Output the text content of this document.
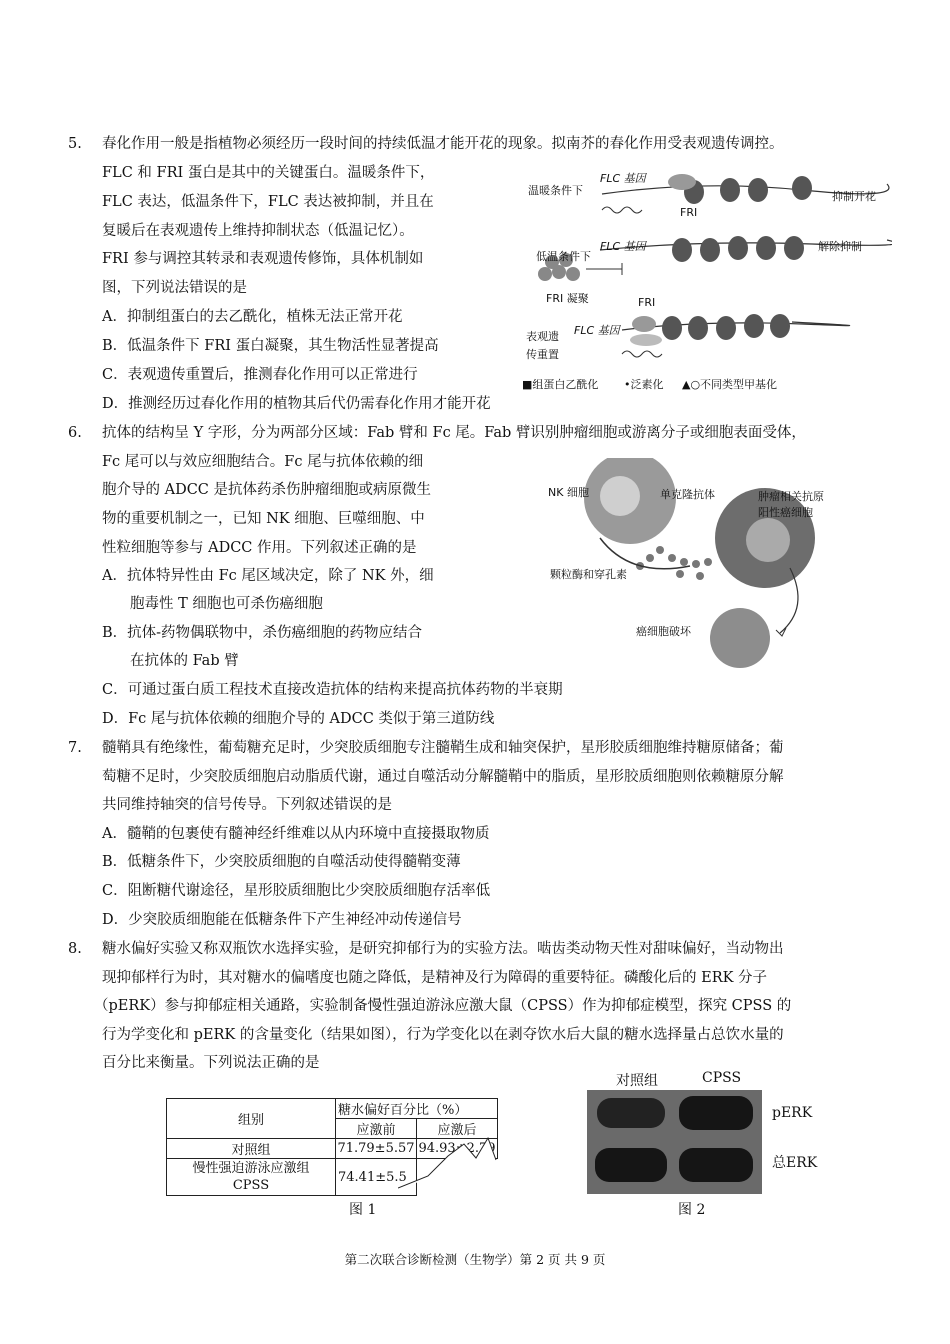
5. 春化作用一般是指植物必须经历一段时间的持续低温才能开花的现象。拟南芥的春化作用受表观遗传调控。
FLC 和 FRI 蛋白是其中的关键蛋白。温暖条件下，
FLC 表达，低温条件下，FLC 表达被抑制，并且在
复暖后在表观遗传上维持抑制状态（低温记忆）。
FRI 参与调控其转录和表观遗传修饰，具体机制如
图，下列说法错误的是
A．抑制组蛋白的去乙酰化，植株无法正常开花
B．低温条件下 FRI 蛋白凝聚，其生物活性显著提高
C．表观遗传重置后，推测春化作用可以正常进行
D．推测经历过春化作用的植物其后代仍需春化作用才能开花
温暖条件下
FLC 基因
FRI
抑制开花
低温条件下
FLC 基因	解除抑制
FRI 凝聚	FRI
表观遗
传重置
FLC 基因
■组蛋白乙酰化 •泛素化 ▲○不同类型甲基化
6. 抗体的结构呈 Y 字形，分为两部分区域：Fab 臂和 Fc 尾。Fab 臂识别肿瘤细胞或游离分子或细胞表面受体，
Fc 尾可以与效应细胞结合。Fc 尾与抗体依赖的细
胞介导的 ADCC 是抗体药杀伤肿瘤细胞或病原微生
物的重要机制之一，已知 NK 细胞、巨噬细胞、中
性粒细胞等参与 ADCC 作用。下列叙述正确的是
A．抗体特异性由 Fc 尾区域决定，除了 NK 外，细
胞毒性 T 细胞也可杀伤癌细胞
B．抗体-药物偶联物中，杀伤癌细胞的药物应结合
在抗体的 Fab 臂
C．可通过蛋白质工程技术直接改造抗体的结构来提高抗体药物的半衰期
D．Fc 尾与抗体依赖的细胞介导的 ADCC 类似于第三道防线
NK 细胞	单克隆抗体	肿瘤相关抗原
阳性癌细胞
颗粒酶和穿孔素
癌细胞破坏
7. 髓鞘具有绝缘性，葡萄糖充足时，少突胶质细胞专注髓鞘生成和轴突保护，星形胶质细胞维持糖原储备；葡
萄糖不足时，少突胶质细胞启动脂质代谢，通过自噬活动分解髓鞘中的脂质，星形胶质细胞则依赖糖原分解
共同维持轴突的信号传导。下列叙述错误的是
A．髓鞘的包裹使有髓神经纤维难以从内环境中直接摄取物质
B．低糖条件下，少突胶质细胞的自噬活动使得髓鞘变薄
C．阻断糖代谢途径，星形胶质细胞比少突胶质细胞存活率低
D．少突胶质细胞能在低糖条件下产生神经冲动传递信号
8. 糖水偏好实验又称双瓶饮水选择实验，是研究抑郁行为的实验方法。啮齿类动物天性对甜味偏好，当动物出
现抑郁样行为时，其对糖水的偏嗜度也随之降低，是精神及行为障碍的重要特征。磷酸化后的 ERK 分子
（pERK）参与抑郁症相关通路，实验制备慢性强迫游泳应激大鼠（CPSS）作为抑郁症模型，探究 CPSS 的
行为学变化和 pERK 的含量变化（结果如图），行为学变化以在剥夺饮水后大鼠的糖水选择量占总饮水量的
百分比来衡量。下列说法正确的是
组别	糖水偏好百分比（%）	
	应激前	应激后
对照组	71.79±5.57	94.93±2.79
慢性强迫游泳应激组
CPSS	74.41±5.5	
图 1
对照组	CPSS
pERK
总ERK
图 2
第二次联合诊断检测（生物学）第 2 页 共 9 页
